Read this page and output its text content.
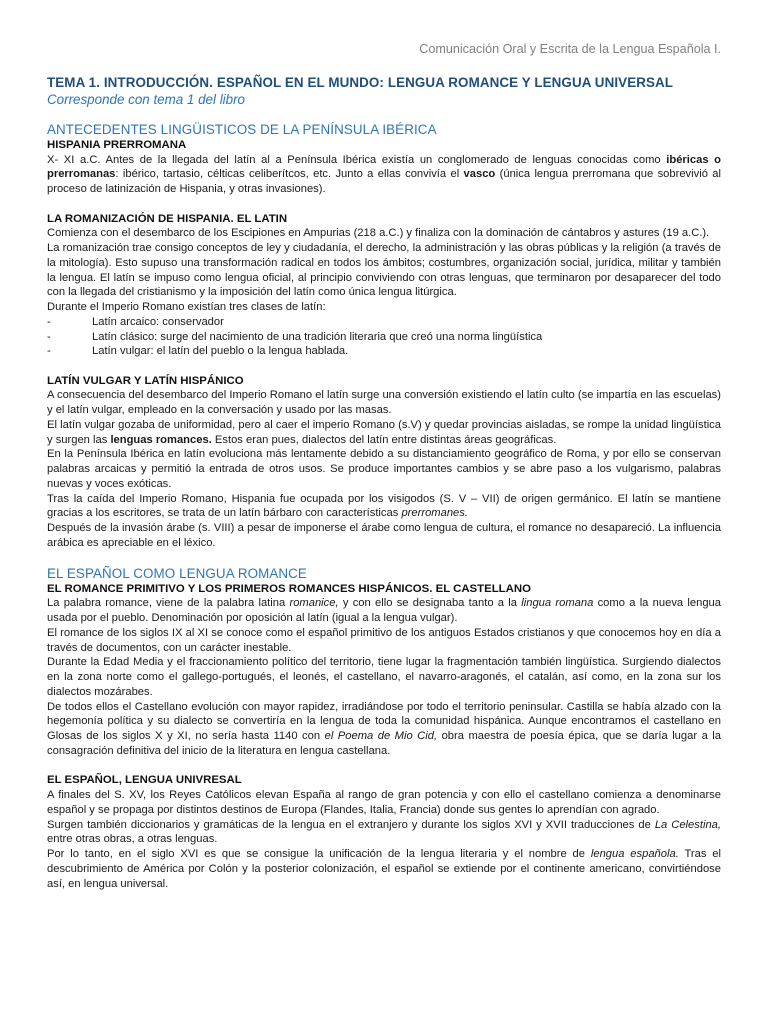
Comunicación Oral y Escrita de la Lengua Española I.
TEMA 1. INTRODUCCIÓN. ESPAÑOL EN EL MUNDO: LENGUA ROMANCE Y LENGUA UNIVERSAL
Corresponde con tema 1 del libro
ANTECEDENTES LINGÜISTICOS DE LA PENÍNSULA IBÉRICA
HISPANIA PRERROMANA

X- XI a.C. Antes de la llegada del latín al a Península Ibérica existía un conglomerado de lenguas conocidas como ibéricas o prerromanas: ibérico, tartasio, célticas celiberítcos, etc. Junto a ellas convivía el vasco (única lengua prerromana que sobrevivió al proceso de latinización de Hispania, y otras invasiones).

LA ROMANIZACIÓN DE HISPANIA. EL LATIN

Comienza con el desembarco de los Escipiones en Ampurias (218 a.C.) y finaliza con la dominación de cántabros y astures (19 a.C.).

La romanización trae consigo conceptos de ley y ciudadanía, el derecho, la administración y las obras públicas y la religión (a través de la mitología). Esto supuso una transformación radical en todos los ámbitos; costumbres, organización social, jurídica, militar y también la lengua. El latín se impuso como lengua oficial, al principio conviviendo con otras lenguas, que terminaron por desaparecer del todo con la llegada del cristianismo y la imposición del latín como única lengua litúrgica.

Durante el Imperio Romano existían tres clases de latín:

-	Latín arcaico: conservador
-	Latín clásico: surge del nacimiento de una tradición literaria que creó una norma lingüística
-	Latín vulgar: el latín del pueblo o la lengua hablada.
LATÍN VULGAR Y LATÍN HISPÁNICO

A consecuencia del desembarco del Imperio Romano el latín surge una conversión existiendo el latín culto (se impartía en las escuelas) y el latín vulgar, empleado en la conversación y usado por las masas.

El latín vulgar gozaba de uniformidad, pero al caer el imperio Romano (s.V) y quedar provincias aisladas, se rompe la unidad lingüística y surgen las lenguas romances. Estos eran pues, dialectos del latín entre distintas áreas geográficas.

En la Península Ibérica en latín evoluciona más lentamente debido a su distanciamiento geográfico de Roma, y por ello se conservan palabras arcaicas y permitió la entrada de otros usos. Se produce importantes cambios y se abre paso a los vulgarismo, palabras nuevas y voces exóticas.

Tras la caída del Imperio Romano, Hispania fue ocupada por los visigodos (S. V – VII) de origen germánico. El latín se mantiene gracias a los escritores, se trata de un latín bárbaro con características prerromanes.

Después de la invasión árabe (s. VIII) a pesar de imponerse el árabe como lengua de cultura, el romance no desapareció. La influencia arábica es apreciable en el léxico.

EL ESPAÑOL COMO LENGUA ROMANCE
EL ROMANCE PRIMITIVO Y LOS PRIMEROS ROMANCES HISPÁNICOS. EL CASTELLANO

La palabra romance, viene de la palabra latina romanice, y con ello se designaba tanto a la lingua romana como a la nueva lengua usada por el pueblo. Denominación por oposición al latín (igual a la lengua vulgar).

El romance de los siglos IX al XI se conoce como el español primitivo de los antiguos Estados cristianos y que conocemos hoy en día a través de documentos, con un carácter inestable.

Durante la Edad Media y el fraccionamiento político del territorio, tiene lugar la fragmentación también lingüística. Surgiendo dialectos en la zona norte como el gallego-portugués, el leonés, el castellano, el navarro-aragonés, el catalán, así como, en la zona sur los dialectos mozárabes.

De todos ellos el Castellano evolución con mayor rapidez, irradiándose por todo el territorio peninsular. Castilla se había alzado con la hegemonía política y su dialecto se convertiría en la lengua de toda la comunidad hispánica. Aunque encontramos el castellano en Glosas de los siglos X y XI, no sería hasta 1140 con el Poema de Mio Cid, obra maestra de poesía épica, que se daría lugar a la consagración definitiva del inicio de la literatura en lengua castellana.

EL ESPAÑOL, LENGUA UNIVRESAL

A finales del S. XV, los Reyes Católicos elevan España al rango de gran potencia y con ello el castellano comienza a denominarse español y se propaga por distintos destinos de Europa (Flandes, Italia, Francia) donde sus gentes lo aprendían con agrado.

Surgen también diccionarios y gramáticas de la lengua en el extranjero y durante los siglos XVI y XVII traducciones de La Celestina, entre otras obras, a otras lenguas.

Por lo tanto, en el siglo XVI es que se consigue la unificación de la lengua literaria y el nombre de lengua española. Tras el descubrimiento de América por Colón y la posterior colonización, el español se extiende por el continente americano, convirtiéndose así, en lengua universal.
